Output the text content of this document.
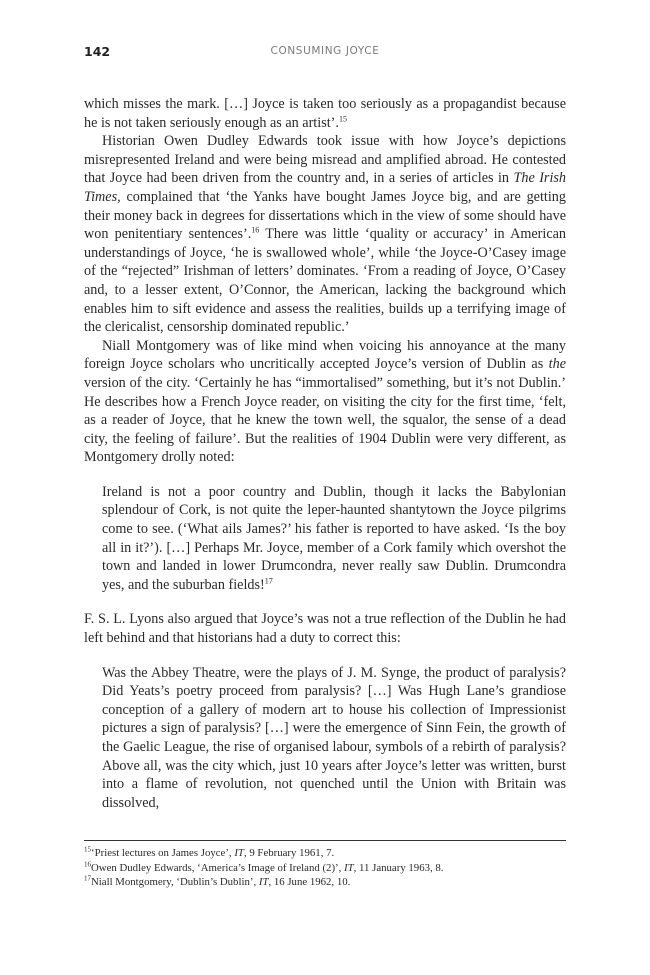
142	CONSUMING JOYCE

which misses the mark. […] Joyce is taken too seriously as a propagandist because he is not taken seriously enough as an artist’.$^{15}$

Historian Owen Dudley Edwards took issue with how Joyce’s depictions misrepresented Ireland and were being misread and amplified abroad. He contested that Joyce had been driven from the country and, in a series of articles in The Irish Times, complained that ‘the Yanks have bought James Joyce big, and are getting their money back in degrees for dissertations which in the view of some should have won penitentiary sentences’.$^{16}$ There was little ‘quality or accuracy’ in American understandings of Joyce, ‘he is swallowed whole’, while ‘the Joyce-O’Casey image of the “rejected” Irishman of letters’ dominates. ‘From a reading of Joyce, O’Casey and, to a lesser extent, O’Connor, the American, lacking the background which enables him to sift evidence and assess the realities, builds up a terrifying image of the clericalist, censorship dominated republic.’

Niall Montgomery was of like mind when voicing his annoyance at the many foreign Joyce scholars who uncritically accepted Joyce’s version of Dublin as the version of the city. ‘Certainly he has “immortalised” something, but it’s not Dublin.’ He describes how a French Joyce reader, on visiting the city for the first time, ‘felt, as a reader of Joyce, that he knew the town well, the squalor, the sense of a dead city, the feeling of failure’. But the realities of 1904 Dublin were very different, as Montgomery drolly noted:

Ireland is not a poor country and Dublin, though it lacks the Babylonian splendour of Cork, is not quite the leper-haunted shantytown the Joyce pilgrims come to see. (‘What ails James?’ his father is reported to have asked. ‘Is the boy all in it?’). […] Perhaps Mr. Joyce, member of a Cork family which overshot the town and landed in lower Drumcondra, never really saw Dublin. Drumcondra yes, and the suburban fields!$^{17}$

F. S. L. Lyons also argued that Joyce’s was not a true reflection of the Dublin he had left behind and that historians had a duty to correct this:

Was the Abbey Theatre, were the plays of J. M. Synge, the product of paralysis? Did Yeats’s poetry proceed from paralysis? […] Was Hugh Lane’s grandiose conception of a gallery of modern art to house his collection of Impressionist pictures a sign of paralysis? […] were the emergence of Sinn Fein, the growth of the Gaelic League, the rise of organised labour, symbols of a rebirth of paralysis? Above all, was the city which, just 10 years after Joyce’s letter was written, burst into a flame of revolution, not quenched until the Union with Britain was dissolved,

$^{15}$‘Priest lectures on James Joyce’, IT, 9 February 1961, 7.

$^{16}$Owen Dudley Edwards, ‘America’s Image of Ireland (2)’, IT, 11 January 1963, 8.

$^{17}$Niall Montgomery, ‘Dublin’s Dublin’, IT, 16 June 1962, 10.
